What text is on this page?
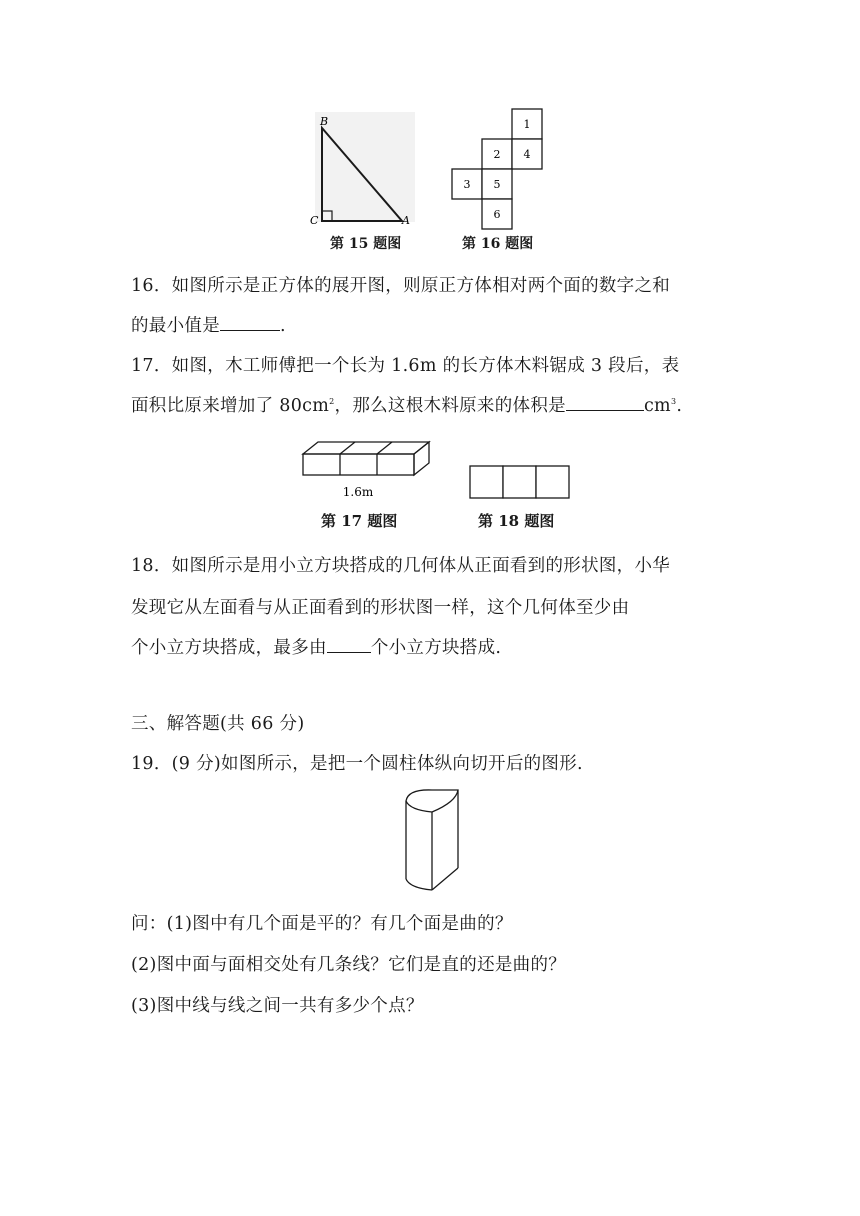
B
C	A
第 15 题图
1
2 4
3 5
6
第 16 题图
16．如图所示是正方体的展开图，则原正方体相对两个面的数字之和
的最小值是	.
17．如图，木工师傅把一个长为 1.6m 的长方体木料锯成 3 段后，表
面积比原来增加了 $80cm^2$，那么这根木料原来的体积是	$cm^3$.
1.6m
第 17 题图	第 18 题图
18．如图所示是用小立方块搭成的几何体从正面看到的形状图，小华
发现它从左面看与从正面看到的形状图一样，这个几何体至少由
个小立方块搭成，最多由	个小立方块搭成.
三、解答题(共 66 分)
19．(9 分)如图所示，是把一个圆柱体纵向切开后的图形.
问：(1)图中有几个面是平的？有几个面是曲的？
(2)图中面与面相交处有几条线？它们是直的还是曲的？
(3)图中线与线之间一共有多少个点？
